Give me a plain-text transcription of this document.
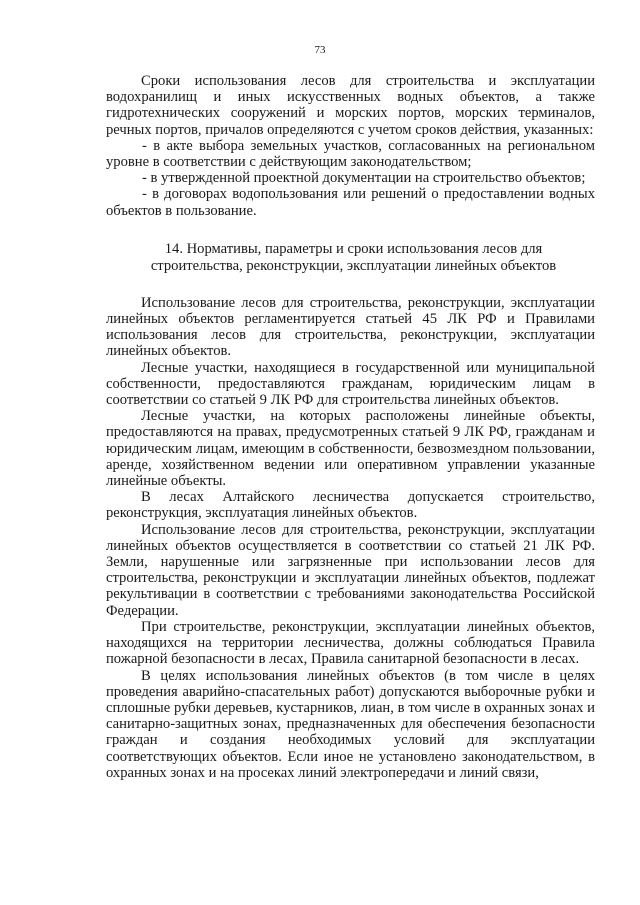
73

Сроки использования лесов для строительства и эксплуатации водохранилищ и иных искусственных водных объектов, а также гидротехнических сооружений и морских портов, морских терминалов, речных портов, причалов определяются с учетом сроков действия, указанных:

- в акте выбора земельных участков, согласованных на региональном уровне в соответствии с действующим законодательством;

- в утвержденной проектной документации на строительство объектов;

- в договорах водопользования или решений о предоставлении водных объектов в пользование.

14. Нормативы, параметры и сроки использования лесов для
строительства, реконструкции, эксплуатации линейных объектов

Использование лесов для строительства, реконструкции, эксплуатации линейных объектов регламентируется статьей 45 ЛК РФ и Правилами использования лесов для строительства, реконструкции, эксплуатации линейных объектов.

Лесные участки, находящиеся в государственной или муниципальной собственности, предоставляются гражданам, юридическим лицам в соответствии со статьей 9 ЛК РФ для строительства линейных объектов.

Лесные участки, на которых расположены линейные объекты, предоставляются на правах, предусмотренных статьей 9 ЛК РФ, гражданам и юридическим лицам, имеющим в собственности, безвозмездном пользовании, аренде, хозяйственном ведении или оперативном управлении указанные линейные объекты.

В лесах Алтайского лесничества допускается строительство, реконструкция, эксплуатация линейных объектов.

Использование лесов для строительства, реконструкции, эксплуатации линейных объектов осуществляется в соответствии со статьей 21 ЛК РФ. Земли, нарушенные или загрязненные при использовании лесов для строительства, реконструкции и эксплуатации линейных объектов, подлежат рекультивации в соответствии с требованиями законодательства Российской Федерации.

При строительстве, реконструкции, эксплуатации линейных объектов, находящихся на территории лесничества, должны соблюдаться Правила пожарной безопасности в лесах, Правила санитарной безопасности в лесах.

В целях использования линейных объектов (в том числе в целях проведения аварийно-спасательных работ) допускаются выборочные рубки и сплошные рубки деревьев, кустарников, лиан, в том числе в охранных зонах и санитарно-защитных зонах, предназначенных для обеспечения безопасности граждан и создания необходимых условий для эксплуатации соответствующих объектов. Если иное не установлено законодательством, в охранных зонах и на просеках линий электропередачи и линий связи,
